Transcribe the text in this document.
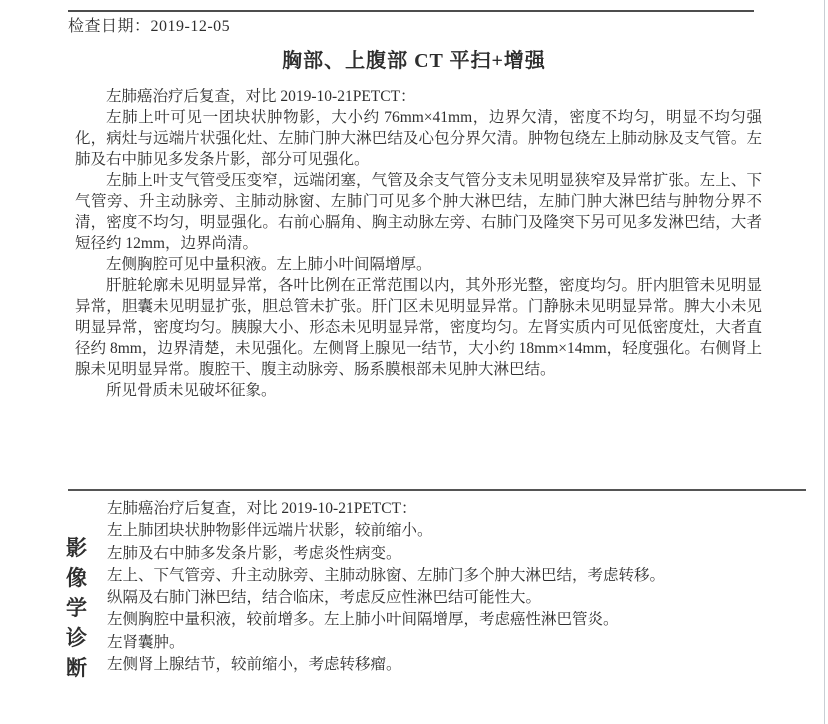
检查日期：2019-12-05
胸部、上腹部 CT 平扫+增强

左肺癌治疗后复查，对比 2019-10-21PETCT：

左肺上叶可见一团块状肿物影，大小约 76mm×41mm，边界欠清，密度不均匀，明显不均匀强化，病灶与远端片状强化灶、左肺门肿大淋巴结及心包分界欠清。肿物包绕左上肺动脉及支气管。左肺及右中肺见多发条片影，部分可见强化。

左肺上叶支气管受压变窄，远端闭塞，气管及余支气管分支未见明显狭窄及异常扩张。左上、下气管旁、升主动脉旁、主肺动脉窗、左肺门可见多个肿大淋巴结，左肺门肿大淋巴结与肿物分界不清，密度不均匀，明显强化。右前心膈角、胸主动脉左旁、右肺门及隆突下另可见多发淋巴结，大者短径约 12mm，边界尚清。

左侧胸腔可见中量积液。左上肺小叶间隔增厚。

肝脏轮廓未见明显异常，各叶比例在正常范围以内，其外形光整，密度均匀。肝内胆管未见明显异常，胆囊未见明显扩张，胆总管未扩张。肝门区未见明显异常。门静脉未见明显异常。脾大小未见明显异常，密度均匀。胰腺大小、形态未见明显异常，密度均匀。左肾实质内可见低密度灶，大者直径约 8mm，边界清楚，未见强化。左侧肾上腺见一结节，大小约 18mm×14mm，轻度强化。右侧肾上腺未见明显异常。腹腔干、腹主动脉旁、肠系膜根部未见肿大淋巴结。

所见骨质未见破坏征象。

影
像
学
诊
断
左肺癌治疗后复查，对比 2019-10-21PETCT：
左上肺团块状肿物影伴远端片状影，较前缩小。
左肺及右中肺多发条片影，考虑炎性病变。
左上、下气管旁、升主动脉旁、主肺动脉窗、左肺门多个肿大淋巴结，考虑转移。
纵隔及右肺门淋巴结，结合临床，考虑反应性淋巴结可能性大。
左侧胸腔中量积液，较前增多。左上肺小叶间隔增厚，考虑癌性淋巴管炎。
左肾囊肿。
左侧肾上腺结节，较前缩小，考虑转移瘤。
